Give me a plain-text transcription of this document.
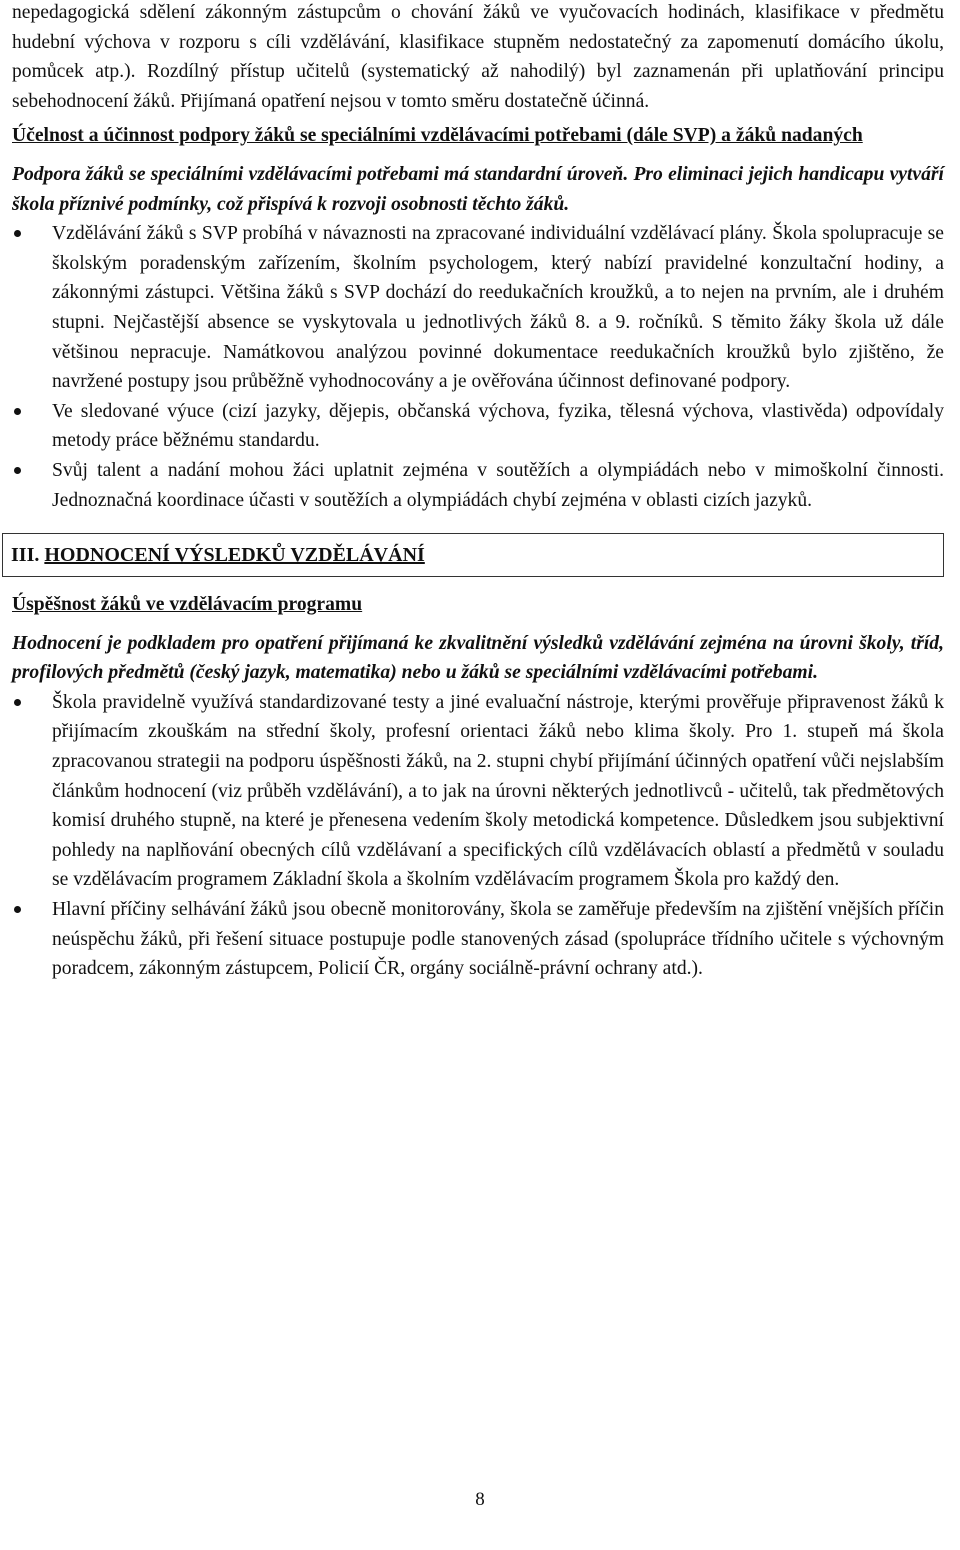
nepedagogická sdělení zákonným zástupcům o chování žáků ve vyučovacích hodinách, klasifikace v předmětu hudební výchova v rozporu s cíli vzdělávání, klasifikace stupněm nedostatečný za zapomenutí domácího úkolu, pomůcek atp.). Rozdílný přístup učitelů (systematický až nahodilý) byl zaznamenán při uplatňování principu sebehodnocení žáků. Přijímaná opatření nejsou v tomto směru dostatečně účinná.

Účelnost a účinnost podpory žáků se speciálními vzdělávacími potřebami (dále SVP) a žáků nadaných

Podpora žáků se speciálními vzdělávacími potřebami má standardní úroveň. Pro eliminaci jejich handicapu vytváří škola příznivé podmínky, což přispívá k rozvoji osobnosti těchto žáků.

Vzdělávání žáků s SVP probíhá v návaznosti na zpracované individuální vzdělávací plány. Škola spolupracuje se školským poradenským zařízením, školním psychologem, který nabízí pravidelné konzultační hodiny, a zákonnými zástupci. Většina žáků s SVP dochází do reedukačních kroužků, a to nejen na prvním, ale i druhém stupni. Nejčastější absence se vyskytovala u jednotlivých žáků 8. a 9. ročníků. S těmito žáky škola už dále většinou nepracuje. Namátkovou analýzou povinné dokumentace reedukačních kroužků bylo zjištěno, že navržené postupy jsou průběžně vyhodnocovány a je ověřována účinnost definované podpory.
Ve sledované výuce (cizí jazyky, dějepis, občanská výchova, fyzika, tělesná výchova, vlastivěda) odpovídaly metody práce běžnému standardu.
Svůj talent a nadání mohou žáci uplatnit zejména v soutěžích a olympiádách nebo v mimoškolní činnosti. Jednoznačná koordinace účasti v soutěžích a olympiádách chybí zejména v oblasti cizích jazyků.
III. HODNOCENÍ VÝSLEDKŮ VZDĚLÁVÁNÍ

Úspěšnost žáků ve vzdělávacím programu

Hodnocení je podkladem pro opatření přijímaná ke zkvalitnění výsledků vzdělávání zejména na úrovni školy, tříd, profilových předmětů (český jazyk, matematika) nebo u žáků se speciálními vzdělávacími potřebami.

Škola pravidelně využívá standardizované testy a jiné evaluační nástroje, kterými prověřuje připravenost žáků k přijímacím zkouškám na střední školy, profesní orientaci žáků nebo klima školy. Pro 1. stupeň má škola zpracovanou strategii na podporu úspěšnosti žáků, na 2. stupni chybí přijímání účinných opatření vůči nejslabším článkům hodnocení (viz průběh vzdělávání), a to jak na úrovni některých jednotlivců - učitelů, tak předmětových komisí druhého stupně, na které je přenesena vedením školy metodická kompetence. Důsledkem jsou subjektivní pohledy na naplňování obecných cílů vzdělávaní a specifických cílů vzdělávacích oblastí a předmětů v souladu se vzdělávacím programem Základní škola a školním vzdělávacím programem Škola pro každý den.
Hlavní příčiny selhávání žáků jsou obecně monitorovány, škola se zaměřuje především na zjištění vnějších příčin neúspěchu žáků, při řešení situace postupuje podle stanovených zásad (spolupráce třídního učitele s výchovným poradcem, zákonným zástupcem, Policií ČR, orgány sociálně-právní ochrany atd.).
8
